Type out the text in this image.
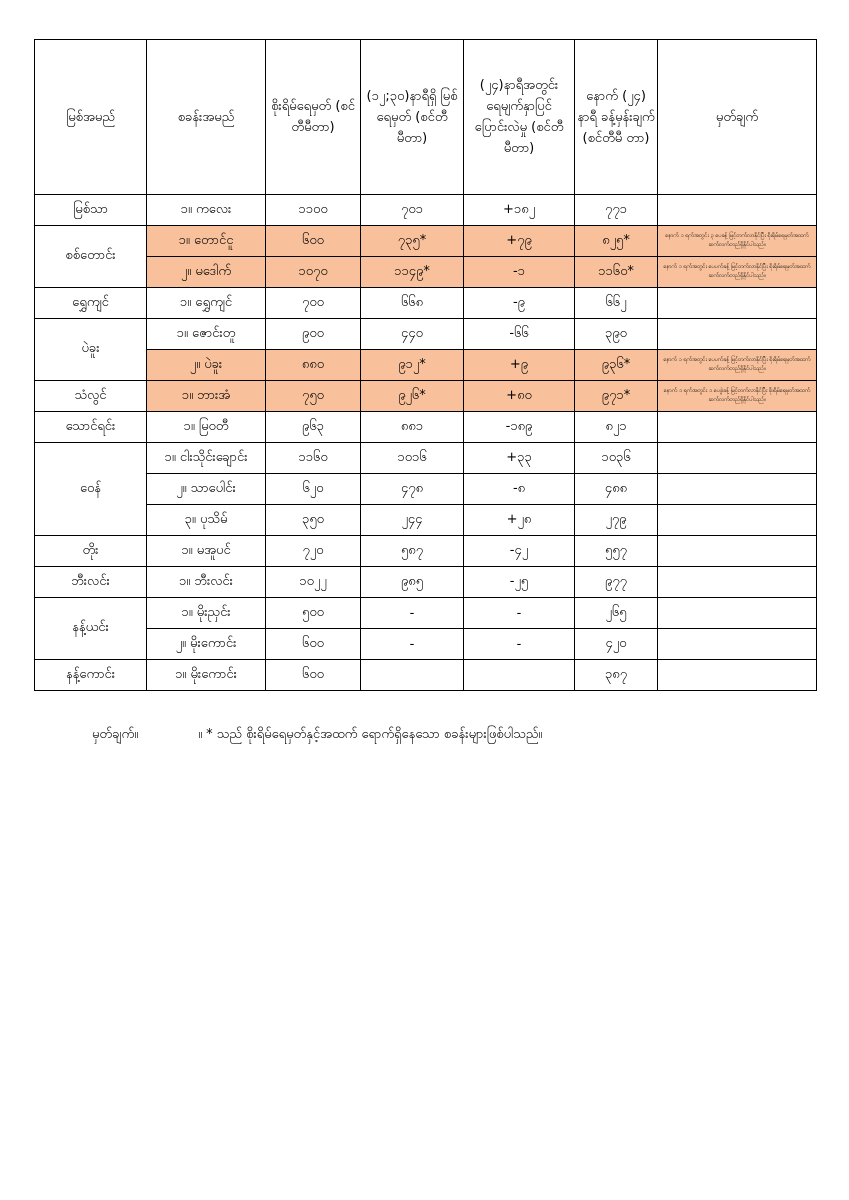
မြစ်အမည်	စခန်းအမည်	စိုးရိမ်ရေမှတ် (စင်တီမီတာ)	(၁၂;၃၀)နာရီရှိ မြစ်ရေမှတ် (စင်တီမီတာ)	(၂၄)နာရီအတွင်း ရေမျက်နှာပြင် ပြောင်းလဲမှု (စင်တီမီတာ)	နောက် (၂၄) နာရီ ခန့်မှန်းချက် (စင်တီမီ တာ)	မှတ်ချက်
မြစ်သာ	၁။ ကလေး	၁၁၀၀	၇၀၁	+၁၈၂	၇၇၁	
စစ်တောင်း	၁။ တောင်ငူ	၆၀၀	၇၃၅*	+၇၉	၈၂၅*	နောက် ၁ ရက်အတွင်း ၃ ပေခန့် မြင့်တက်လာနိုင်ပြီး စိုးရိမ်ရေမှတ်အထက် ဆက်လက်တည်ရှိနိုင်ပါသည်။
	၂။ မဒေါက်	၁၀၇၀	၁၁၄၉*	-၁	၁၁၆၀*	နောက် ၁ ရက်အတွင်း ပေပက်ခန့် မြင့်တက်လာနိုင်ပြီး စိုးရိမ်ရေမှတ်အထက် ဆက်လက်တည်ရှိနိုင်ပါသည်။
ရွှေကျင်	၁။ ရွှေကျင်	၇၀၀	၆၆၈	-၉	၆၆၂	
ပဲခူး	၁။ ဇောင်းတူ	၉၀၀	၄၄၀	-၆၆	၃၉၀	
	၂။ ပဲခူး	၈၈၀	၉၁၂*	+၉	၉၃၆*	နောက် ၁ ရက်အတွင်း ပေပက်ခန့် မြင့်တက်လာနိုင်ပြီး စိုးရိမ်ရေမှတ်အထက် ဆက်လက်တည်ရှိနိုင်ပါသည်။
သံလွင်	၁။ ဘားအံ	၇၅၀	၉၂၆*	+၈၀	၉၇၁*	နောက် ၁ ရက်အတွင်း ၁ ပေခွဲခန့် မြင့်တက်လာနိုင်ပြီး စိုးရိမ်ရေမှတ်အထက် ဆက်လက်တည်ရှိနိုင်ပါသည်။
သောင်ရင်း	၁။ မြဝတီ	၉၆၃	၈၈၁	-၁၈၉	၈၂၁	
ဝေန်	၁။ ငါးသိုင်းချောင်း	၁၁၆၀	၁၀၁၆	+၃၃	၁၀၃၆	
	၂။ သာပေါင်း	၆၂၀	၄၇၈	-၈	၄၈၈	
	၃။ ပုသိမ်	၃၅၀	၂၄၄	+၂၈	၂၇၉	
တိုး	၁။ မအူပင်	၇၂၀	၅၈၇	-၄၂	၅၅၇	
ဘီးလင်း	၁။ ဘီးလင်း	၁၀၂၂	၉၈၅	-၂၅	၉၇၇	
နန့်ယင်း	၁။ မိုးညှင်း	၅၀၀	-	-	၂၆၅	
	၂။ မိုးကောင်း	၆၀၀	-	-	၄၂၀	
နန့်ကောင်း	၁။ မိုးကောင်း	၆၀၀			၃၈၇	
မှတ်ချက်။	။ * သည် စိုးရိမ်ရေမှတ်နှင့်အထက် ရောက်ရှိနေသော စခန်းများဖြစ်ပါသည်။
